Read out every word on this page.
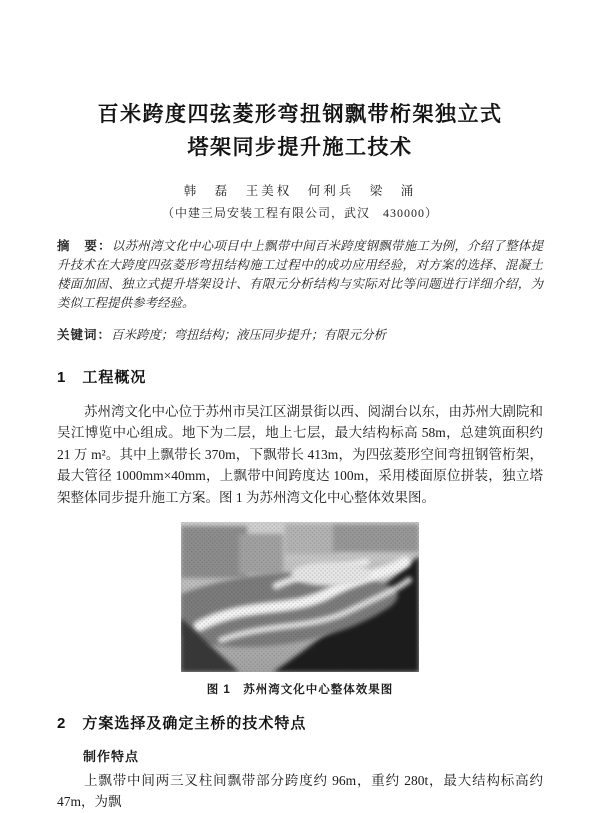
百米跨度四弦菱形弯扭钢飘带桁架独立式
塔架同步提升施工技术
韩　磊　王美权　何利兵　梁　涌
（中建三局安装工程有限公司，武汉　430000）

摘　要：以苏州湾文化中心项目中上飘带中间百米跨度钢飘带施工为例，介绍了整体提升技术在大跨度四弦菱形弯扭结构施工过程中的成功应用经验，对方案的选择、混凝土楼面加固、独立式提升塔架设计、有限元分析结构与实际对比等问题进行详细介绍，为类似工程提供参考经验。

关键词：百米跨度；弯扭结构；液压同步提升；有限元分析

1 工程概况

苏州湾文化中心位于苏州市吴江区湖景街以西、阅湖台以东，由苏州大剧院和吴江博览中心组成。地下为二层，地上七层，最大结构标高 58m，总建筑面积约 21 万 m²。其中上飘带长 370m，下飘带长 413m，为四弦菱形空间弯扭钢管桁架，最大管径 1000mm×40mm，上飘带中间跨度达 100m，采用楼面原位拼装，独立塔架整体同步提升施工方案。图 1 为苏州湾文化中心整体效果图。

图 1　苏州湾文化中心整体效果图
2 方案选择及确定主桥的技术特点
制作特点

上飘带中间两三叉柱间飘带部分跨度约 96m，重约 280t，最大结构标高约 47m，为飘
